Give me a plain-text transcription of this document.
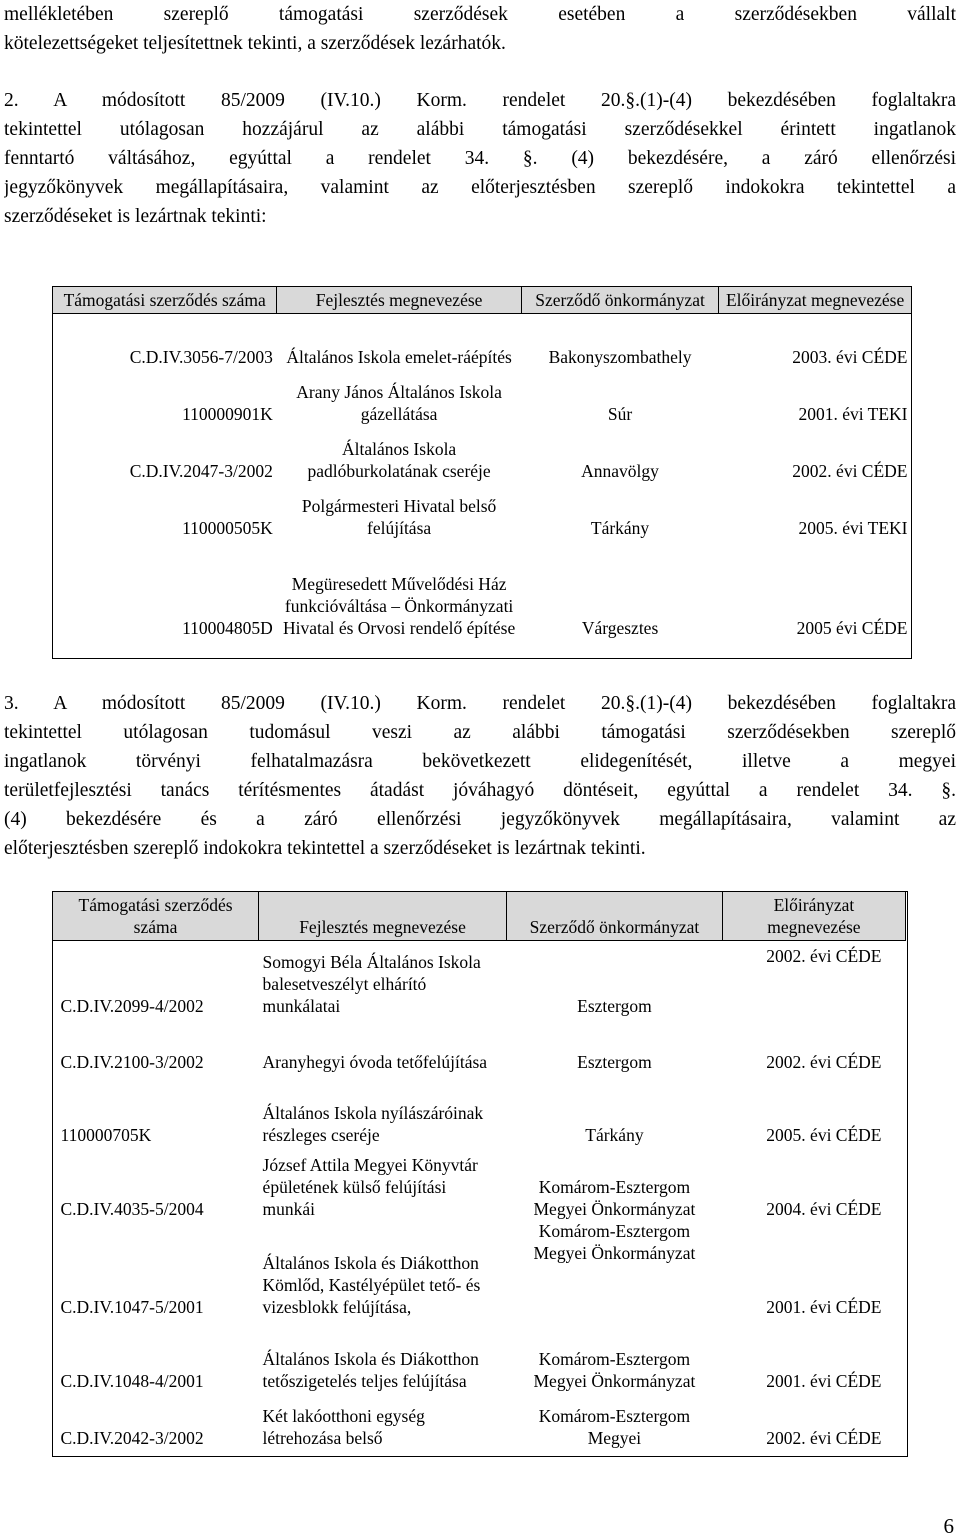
mellékletében szereplő támogatási szerződések esetében a szerződésekben vállalt
kötelezettségeket teljesítettnek tekinti, a szerződések lezárhatók.
2. A módosított 85/2009 (IV.10.) Korm. rendelet 20.§.(1)-(4) bekezdésében foglaltakra
tekintettel utólagosan hozzájárul az alábbi támogatási szerződésekkel érintett ingatlanok
fenntartó váltásához, egyúttal a rendelet 34. §. (4) bekezdésére, a záró ellenőrzési
jegyzőkönyvek megállapításaira, valamint az előterjesztésben szereplő indokokra tekintettel a
szerződéseket is lezártnak tekinti:
Támogatási szerződés száma	Fejlesztés megnevezése	Szerződő önkormányzat	Előirányzat megnevezése
C.D.IV.3056-7/2003	Általános Iskola emelet-ráépítés	Bakonyszombathely	2003. évi CÉDE
110000901K	Arany János Általános Iskola gázellátása	Súr	2001. évi TEKI
C.D.IV.2047-3/2002	Általános Iskola padlóburkolatának cseréje	Annavölgy	2002. évi CÉDE
110000505K	Polgármesteri Hivatal belső felújítása	Tárkány	2005. évi TEKI
110004805D	Megüresedett Művelődési Ház funkcióváltása – Önkormányzati Hivatal és Orvosi rendelő építése	Várgesztes	2005 évi CÉDE
3. A módosított 85/2009 (IV.10.) Korm. rendelet 20.§.(1)-(4) bekezdésében foglaltakra
tekintettel utólagosan tudomásul veszi az alábbi támogatási szerződésekben szereplő
ingatlanok törvényi felhatalmazásra bekövetkezett elidegenítését, illetve a megyei
területfejlesztési tanács térítésmentes átadást jóváhagyó döntéseit, egyúttal a rendelet 34. §.
(4) bekezdésére és a záró ellenőrzési jegyzőkönyvek megállapításaira, valamint az
előterjesztésben szereplő indokokra tekintettel a szerződéseket is lezártnak tekinti.
Támogatási szerződés száma	Fejlesztés megnevezése	Szerződő önkormányzat	Előirányzat megnevezése
C.D.IV.2099-4/2002	Somogyi Béla Általános Iskola balesetveszélyt elhárító munkálatai	Esztergom	2002. évi CÉDE
C.D.IV.2100-3/2002	Aranyhegyi óvoda tetőfelújítása	Esztergom	2002. évi CÉDE
110000705K	Általános Iskola nyílászáróinak részleges cseréje	Tárkány	2005. évi CÉDE
C.D.IV.4035-5/2004	József Attila Megyei Könyvtár épületének külső felújítási munkái	Komárom-Esztergom Megyei Önkormányzat	2004. évi CÉDE
C.D.IV.1047-5/2001	Általános Iskola és Diákotthon Kömlőd, Kastélyépület tető- és vizesblokk felújítása,	Komárom-Esztergom Megyei Önkormányzat	2001. évi CÉDE
C.D.IV.1048-4/2001	Általános Iskola és Diákotthon tetőszigetelés teljes felújítása	Komárom-Esztergom Megyei Önkormányzat	2001. évi CÉDE
C.D.IV.2042-3/2002	Két lakóotthoni egység létrehozása belső	Komárom-Esztergom Megyei	2002. évi CÉDE
6
